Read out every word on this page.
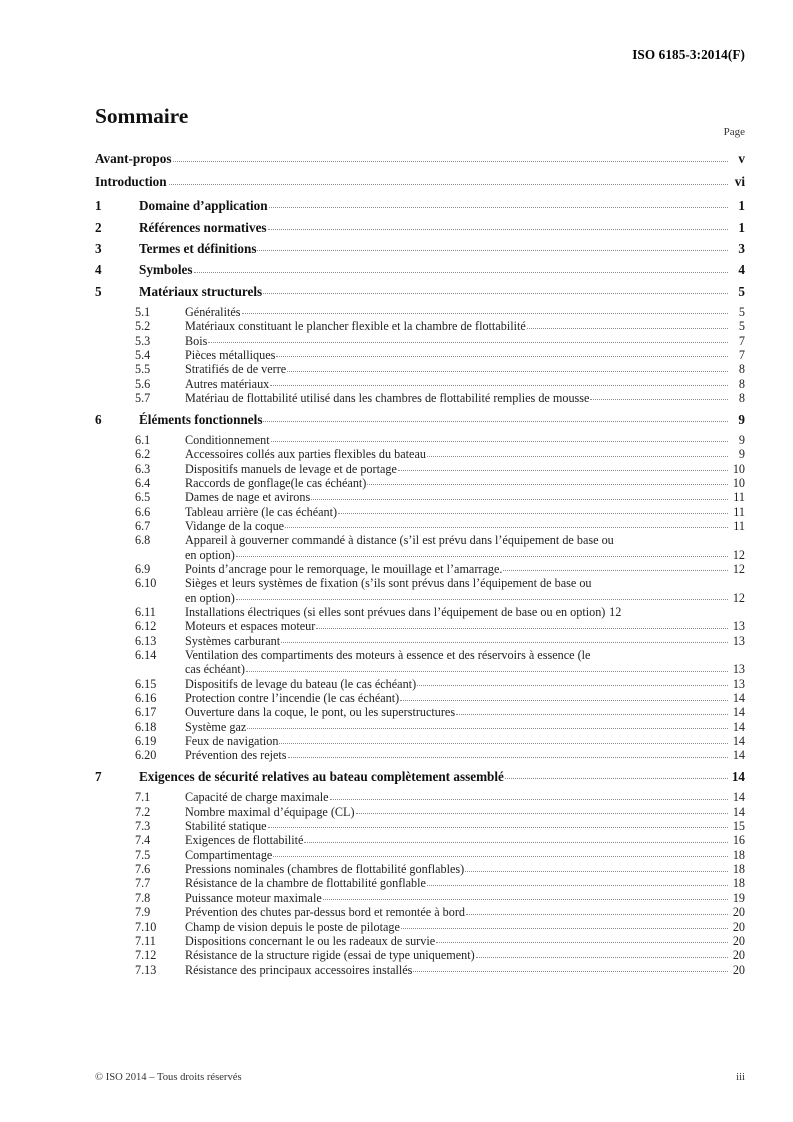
ISO 6185-3:2014(F)
Sommaire
Page
Avant-propos	v
Introduction	vi
1	Domaine d’application	1
2	Références normatives	1
3	Termes et définitions	3
4	Symboles	4
5	Matériaux structurels	5
5.1	Généralités	5
5.2	Matériaux constituant le plancher flexible et la chambre de flottabilité	5
5.3	Bois	7
5.4	Pièces métalliques	7
5.5	Stratifiés de de verre	8
5.6	Autres matériaux	8
5.7	Matériau de flottabilité utilisé dans les chambres de flottabilité remplies de mousse	8
6	Éléments fonctionnels	9
6.1	Conditionnement	9
6.2	Accessoires collés aux parties flexibles du bateau	9
6.3	Dispositifs manuels de levage et de portage	10
6.4	Raccords de gonflage(le cas échéant)	10
6.5	Dames de nage et avirons	11
6.6	Tableau arrière (le cas échéant)	11
6.7	Vidange de la coque	11
6.8	Appareil à gouverner commandé à distance (s’il est prévu dans l’équipement de base ou
en option)	12
6.9	Points d’ancrage pour le remorquage, le mouillage et l’amarrage.	12
6.10	Sièges et leurs systèmes de fixation (s’ils sont prévus dans l’équipement de base ou
en option)	12
6.11	Installations électriques (si elles sont prévues dans l’équipement de base ou en option) 12
6.12	Moteurs et espaces moteur	13
6.13	Systèmes carburant	13
6.14	Ventilation des compartiments des moteurs à essence et des réservoirs à essence (le
cas échéant)	13
6.15	Dispositifs de levage du bateau (le cas échéant)	13
6.16	Protection contre l’incendie (le cas échéant)	14
6.17	Ouverture dans la coque, le pont, ou les superstructures	14
6.18	Système gaz	14
6.19	Feux de navigation	14
6.20	Prévention des rejets	14
7	Exigences de sécurité relatives au bateau complètement assemblé	14
7.1	Capacité de charge maximale	14
7.2	Nombre maximal d’équipage (CL)	14
7.3	Stabilité statique	15
7.4	Exigences de flottabilité	16
7.5	Compartimentage	18
7.6	Pressions nominales (chambres de flottabilité gonflables)	18
7.7	Résistance de la chambre de flottabilité gonflable	18
7.8	Puissance moteur maximale	19
7.9	Prévention des chutes par-dessus bord et remontée à bord	20
7.10	Champ de vision depuis le poste de pilotage	20
7.11	Dispositions concernant le ou les radeaux de survie	20
7.12	Résistance de la structure rigide (essai de type uniquement)	20
7.13	Résistance des principaux accessoires installés	20
© ISO 2014 – Tous droits réservés	iii
